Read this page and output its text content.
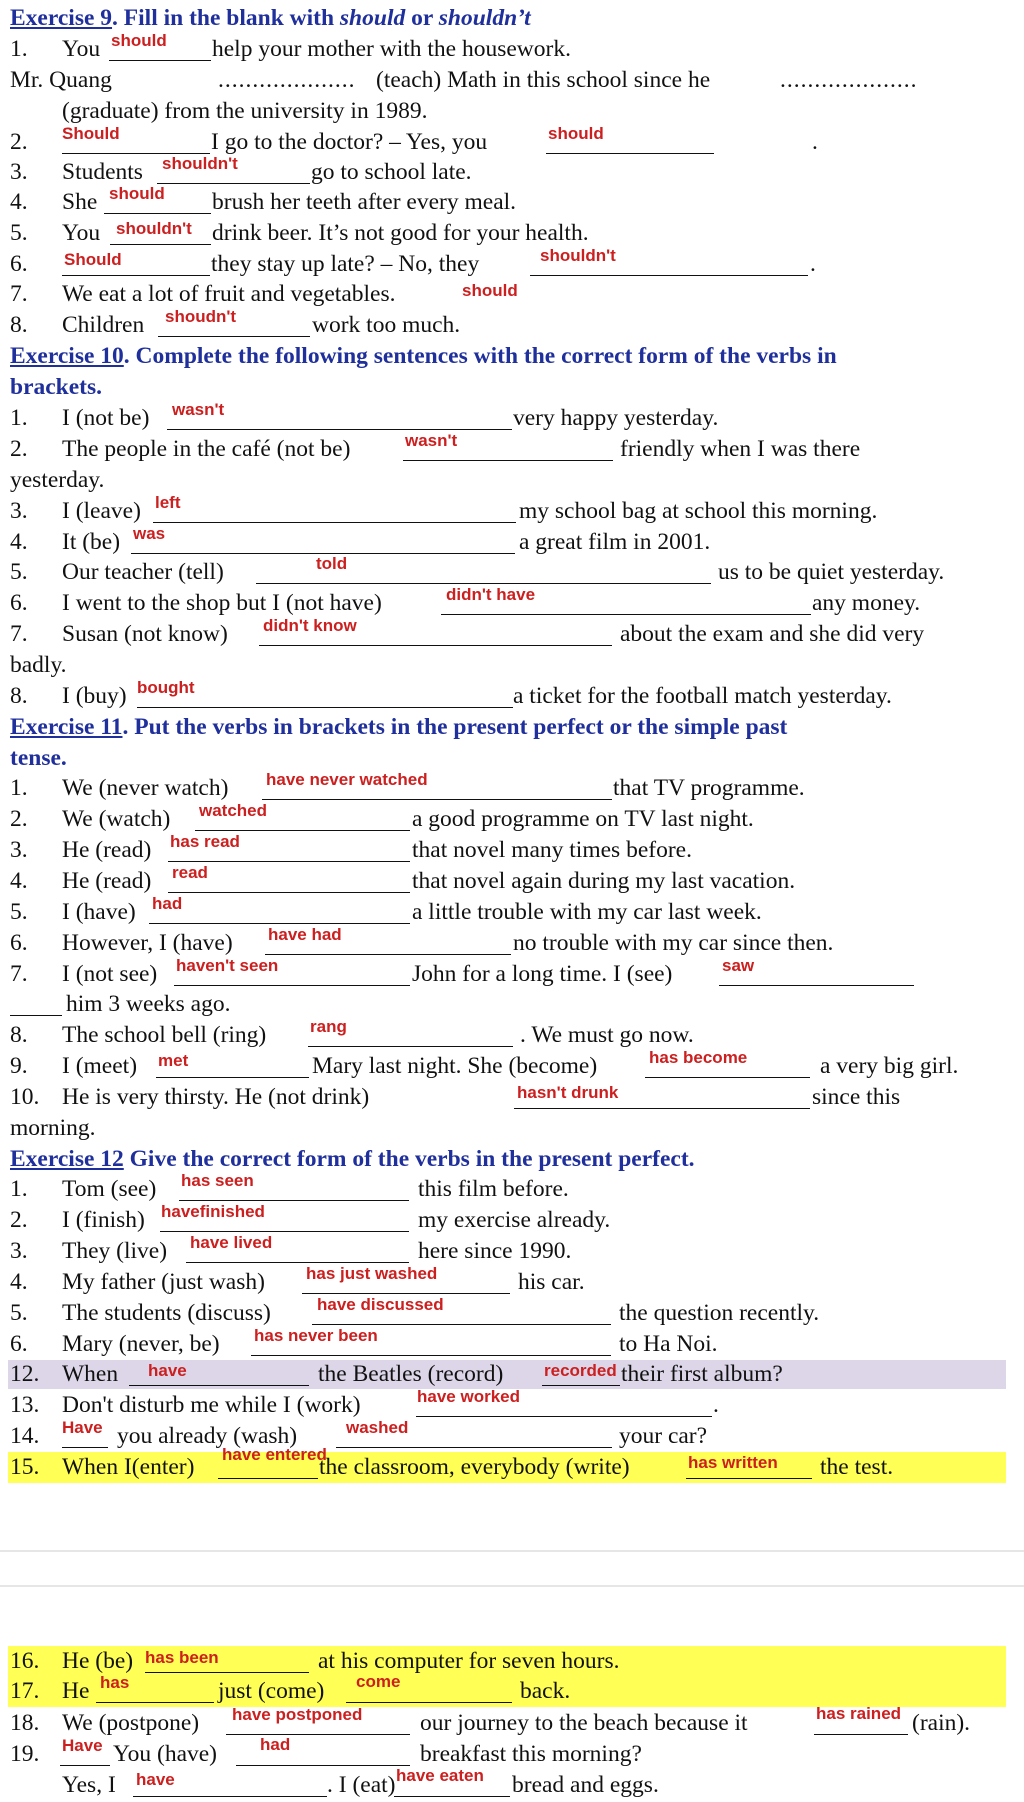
Exercise 9. Fill in the blank with should or shouldn’t
1. You should help your mother with the housework.
Mr. Quang	.................... (teach) Math in this school since he	....................
(graduate) from the university in 1989.
2. Should	I go to the doctor? – Yes, you	should	.
3. Students shouldn't	go to school late.
4. She should brush her teeth after every meal.
5. You shouldn't drink beer. It’s not good for your health.
6. Should	they stay up late? – No, they	shouldn't	.
7. We eat a lot of fruit and vegetables.	should
8. Children shoudn't	work too much.
Exercise 10. Complete the following sentences with the correct form of the verbs in
brackets.
1. I (not be) wasn't	very happy yesterday.
2. The people in the café (not be)	wasn't	friendly when I was there
yesterday.
3. I (leave) left	my school bag at school this morning.
4. It (be) was	a great film in 2001.
5. Our teacher (tell)	told	us to be quiet yesterday.
6. I went to the shop but I (not have)	didn't have	any money.
7. Susan (not know) didn't know	about the exam and she did very
badly.
8. I (buy) bought	a ticket for the football match yesterday.
Exercise 11. Put the verbs in brackets in the present perfect or the simple past
tense.
1. We (never watch) have never watched	that TV programme.
2. We (watch) watched	a good programme on TV last night.
3. He (read) has read	that novel many times before.
4. He (read) read	that novel again during my last vacation.
5. I (have) had	a little trouble with my car last week.
6. However, I (have) have had	no trouble with my car since then.
7. I (not see) haven't seen	John for a long time. I (see)	saw
him 3 weeks ago.
8. The school bell (ring)	rang	. We must go now.
9. I (meet) met	Mary last night. She (become)	has become	a very big girl.
10. He is very thirsty. He (not drink)	hasn't drunk	since this
morning.
Exercise 12 Give the correct form of the verbs in the present perfect.
1. Tom (see) has seen	this film before.
2. I (finish) havefinished	my exercise already.
3. They (live) have lived	here since 1990.
4. My father (just wash) has just washed	his car.
5. The students (discuss)	have discussed	the question recently.
6. Mary (never, be) has never been	to Ha Noi.
12. When have	the Beatles (record) recorded their first album?
13. Don't disturb me while I (work)	have worked	.
14. Have you already (wash)	washed	your car?
15. When I(enter) have entered
the classroom, everybody (write)	has written the test.
16. He (be) has been	at his computer for seven hours.
17. He has	just (come) come	back.
18. We (postpone) have postponed our journey to the beach because it	has rained (rain).
19. Have You (have)	had	breakfast this morning?
Yes, I have	. I (eat) have eaten bread and eggs.
